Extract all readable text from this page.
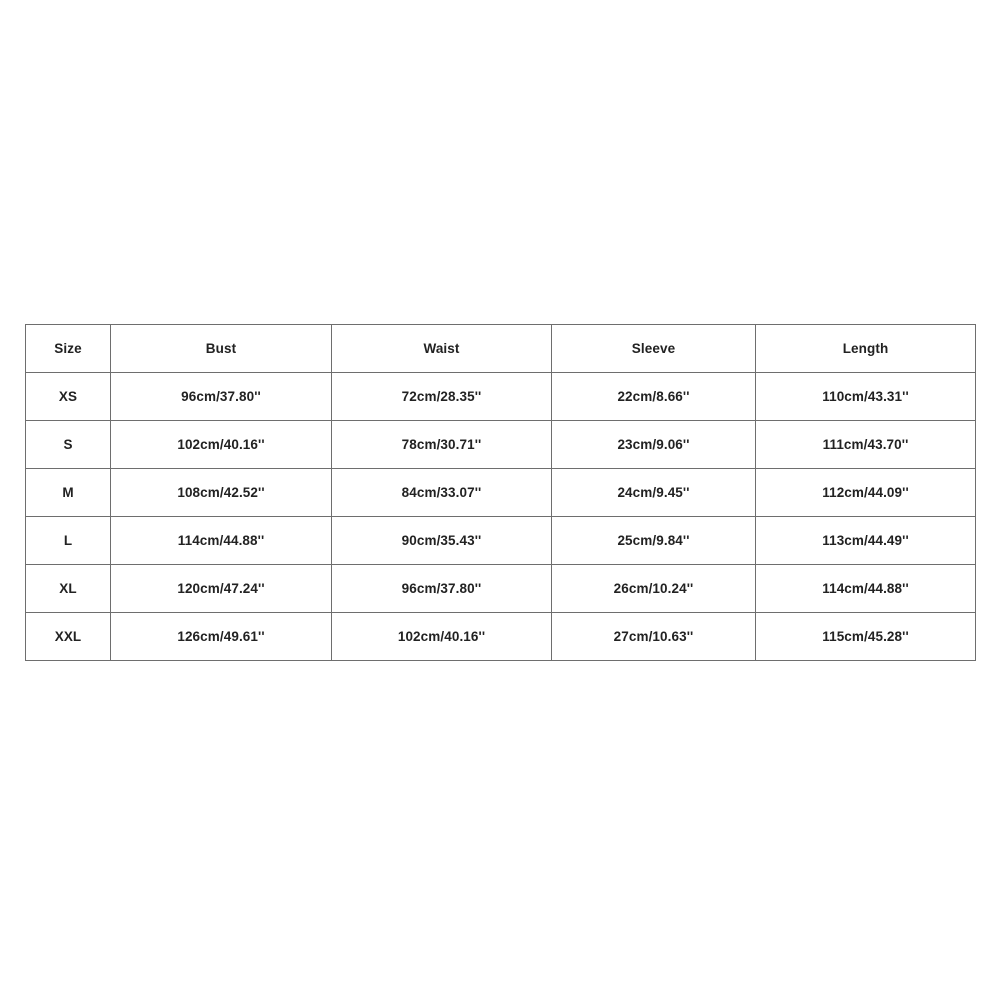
Size	Bust	Waist	Sleeve	Length
XS	96cm/37.80''	72cm/28.35''	22cm/8.66''	110cm/43.31''
S	102cm/40.16''	78cm/30.71''	23cm/9.06''	111cm/43.70''
M	108cm/42.52''	84cm/33.07''	24cm/9.45''	112cm/44.09''
L	114cm/44.88''	90cm/35.43''	25cm/9.84''	113cm/44.49''
XL	120cm/47.24''	96cm/37.80''	26cm/10.24''	114cm/44.88''
XXL	126cm/49.61''	102cm/40.16''	27cm/10.63''	115cm/45.28''
